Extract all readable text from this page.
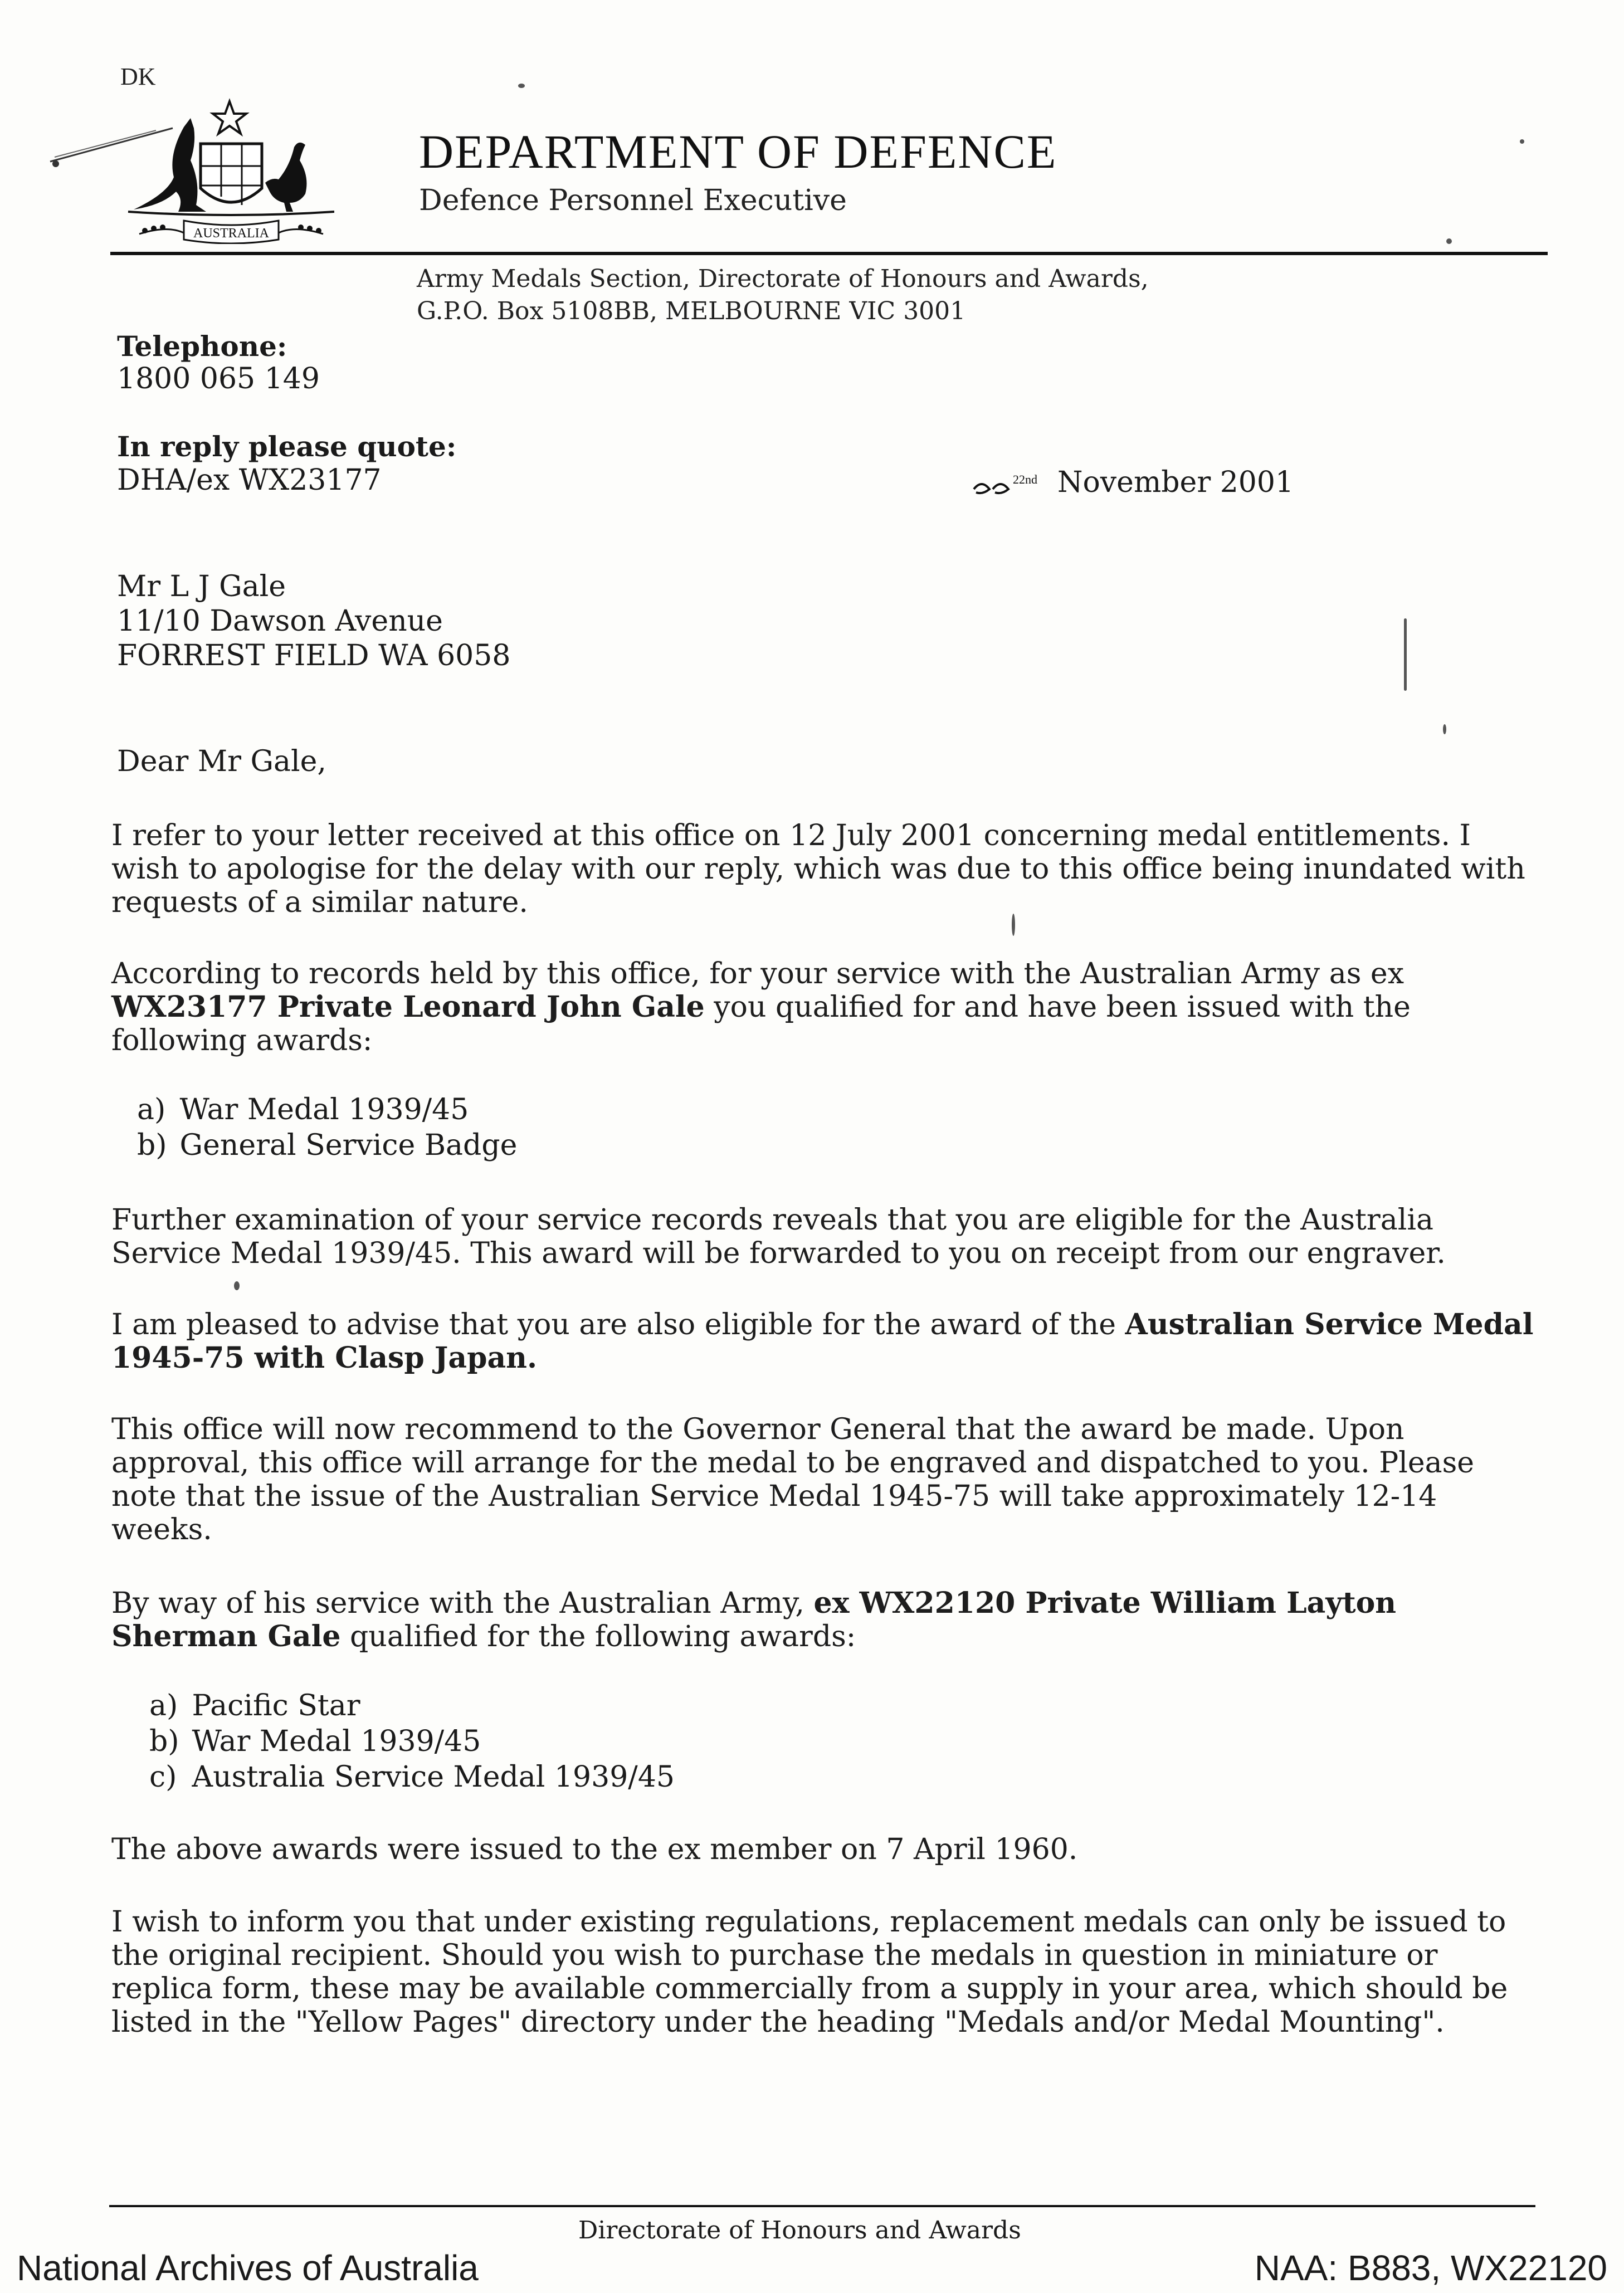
DK
AUSTRALIA
DEPARTMENT OF DEFENCE
Defence Personnel Executive
Army Medals Section, Directorate of Honours and Awards,
G.P.O. Box 5108BB, MELBOURNE VIC 3001
Telephone:
1800 065 149
In reply please quote:
DHA/ex WX23177	22nd November 2001
Mr L J Gale
11/10 Dawson Avenue
FORREST FIELD WA 6058
Dear Mr Gale,

I refer to your letter received at this office on 12 July 2001 concerning medal entitlements. I wish to apologise for the delay with our reply, which was due to this office being inundated with requests of a similar nature.

According to records held by this office, for your service with the Australian Army as ex WX23177 Private Leonard John Gale you qualified for and have been issued with the following awards:

a) War Medal 1939/45
b) General Service Badge

Further examination of your service records reveals that you are eligible for the Australia Service Medal 1939/45. This award will be forwarded to you on receipt from our engraver.

I am pleased to advise that you are also eligible for the award of the Australian Service Medal 1945-75 with Clasp Japan.

This office will now recommend to the Governor General that the award be made. Upon approval, this office will arrange for the medal to be engraved and dispatched to you. Please note that the issue of the Australian Service Medal 1945-75 will take approximately 12-14 weeks.

By way of his service with the Australian Army, ex WX22120 Private William Layton Sherman Gale qualified for the following awards:

a) Pacific Star
b) War Medal 1939/45
c) Australia Service Medal 1939/45

The above awards were issued to the ex member on 7 April 1960.

I wish to inform you that under existing regulations, replacement medals can only be issued to the original recipient. Should you wish to purchase the medals in question in miniature or replica form, these may be available commercially from a supply in your area, which should be listed in the "Yellow Pages" directory under the heading "Medals and/or Medal Mounting".

Directorate of Honours and Awards
National Archives of Australia	NAA: B883, WX22120
